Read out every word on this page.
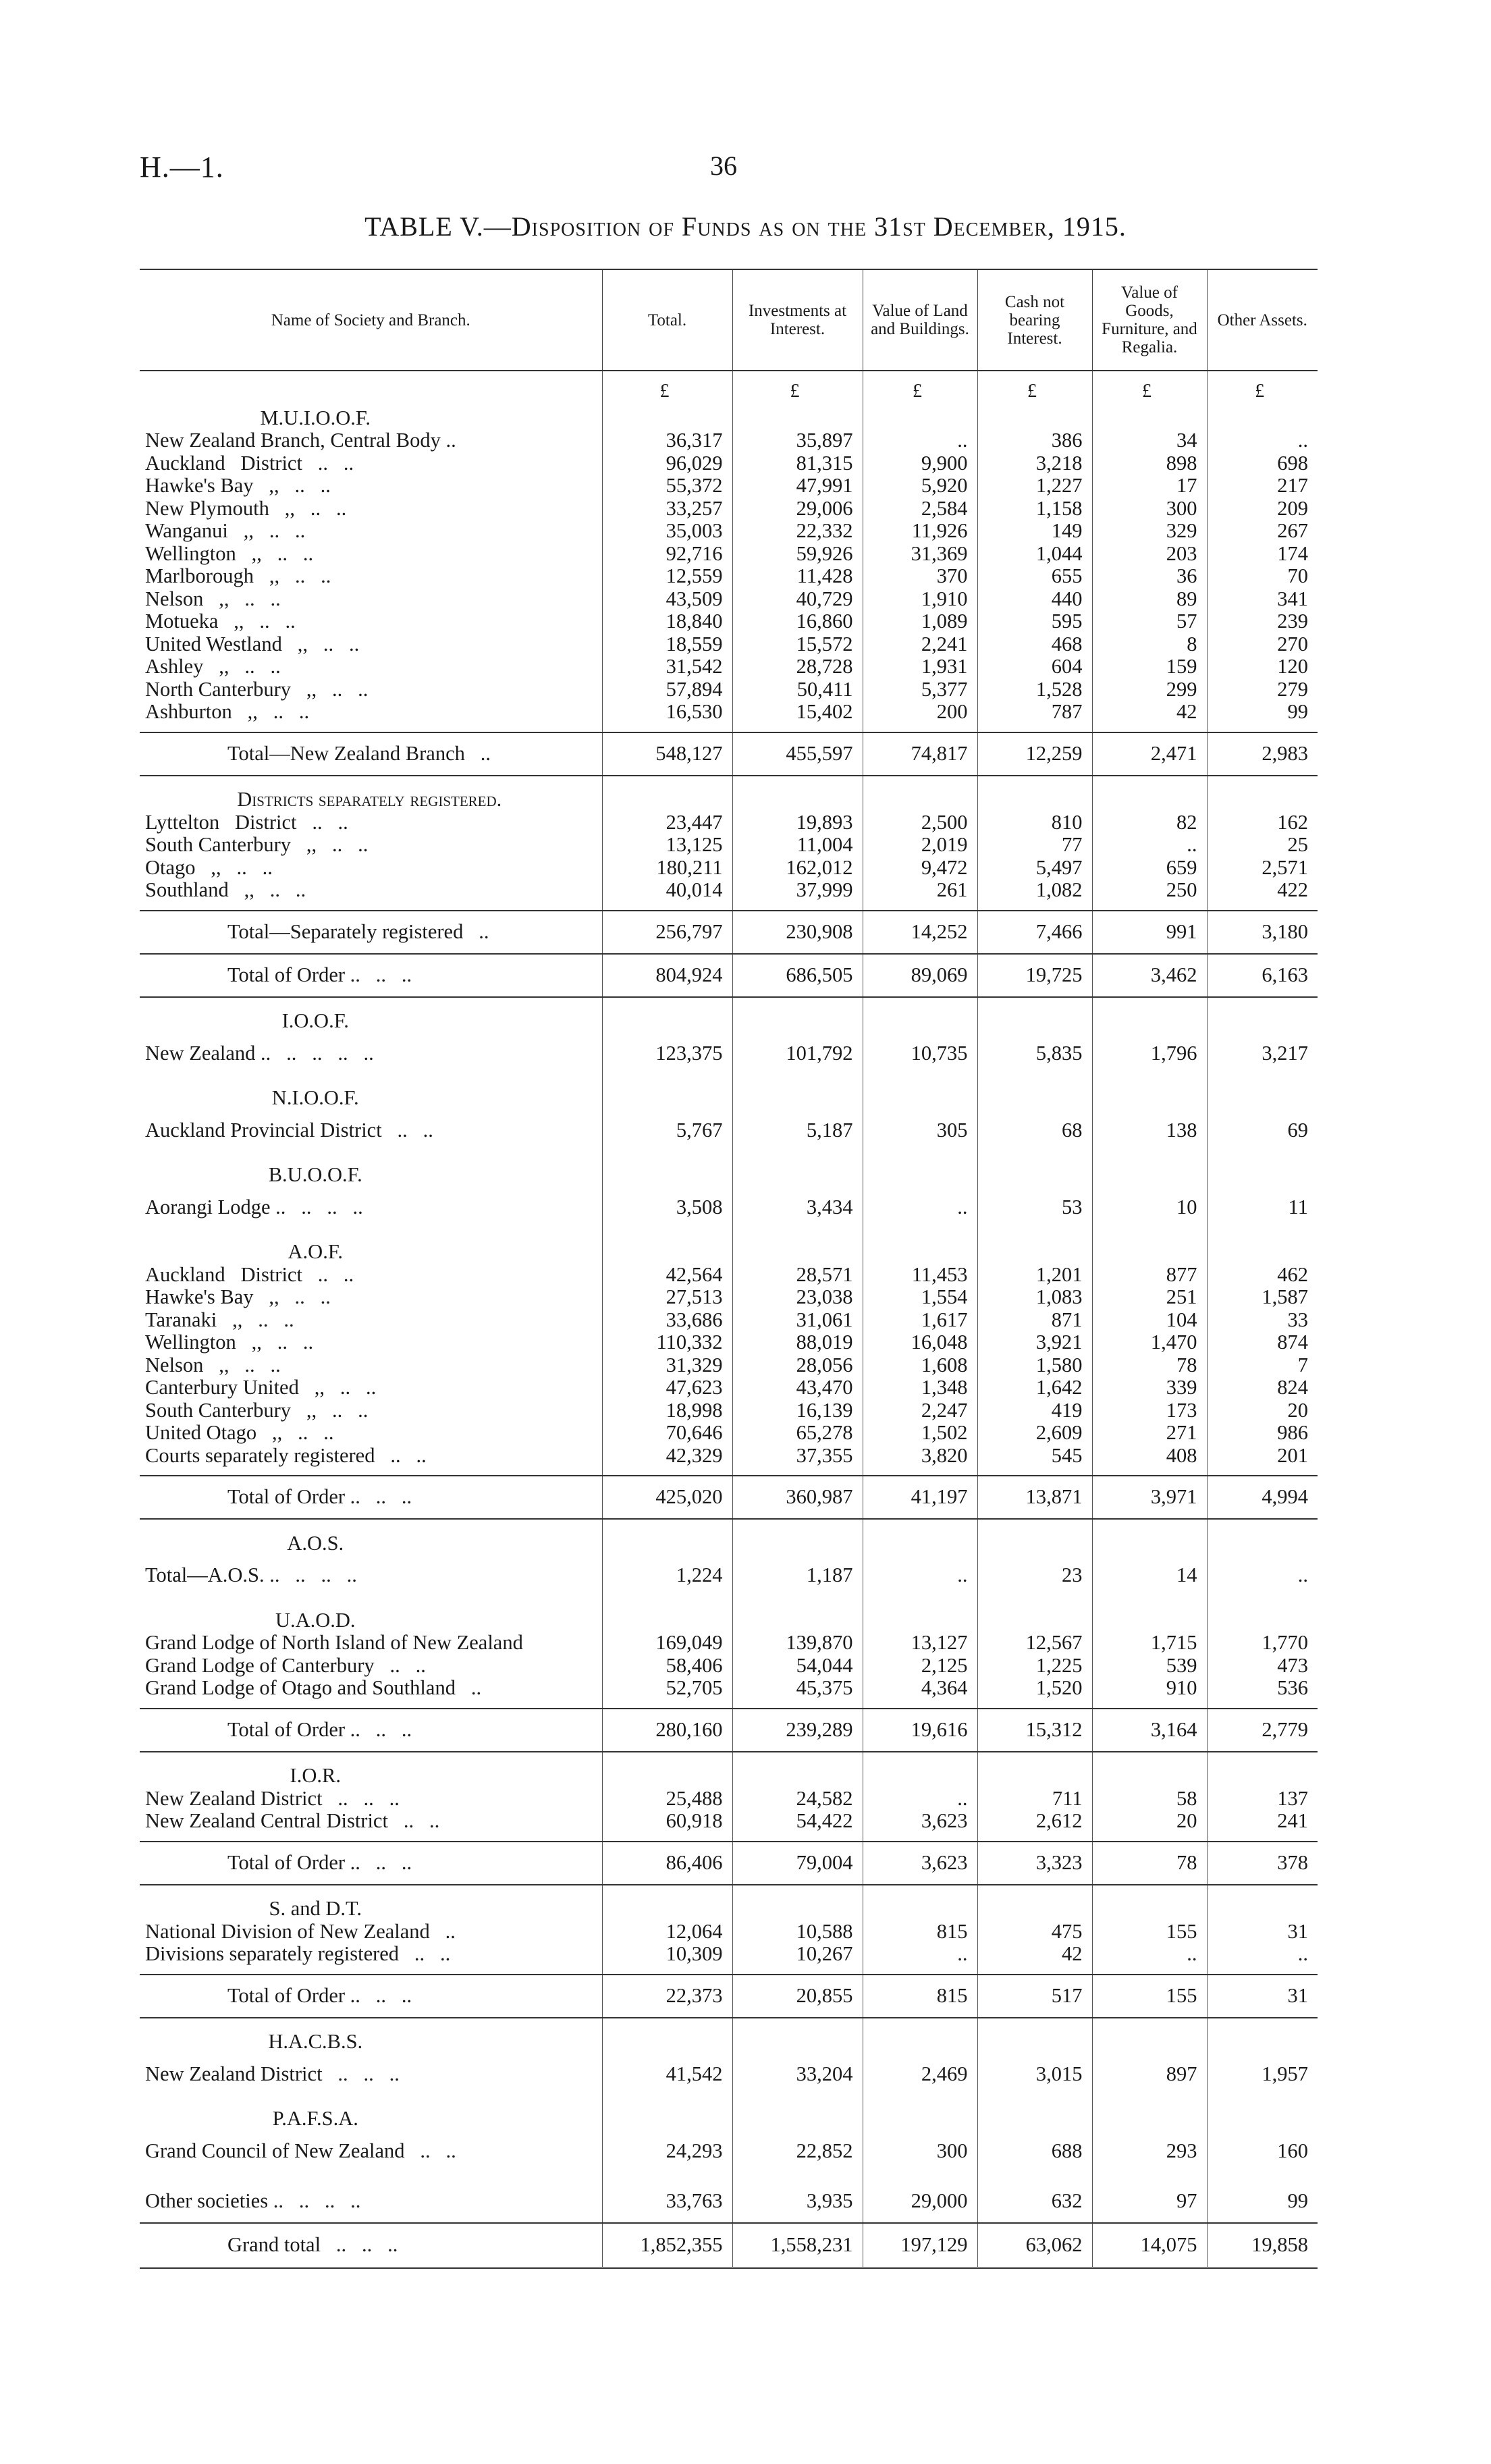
H.—1.	36
TABLE V.—Disposition of Funds as on the 31st December, 1915.
Name of Society and Branch.	Total.	Investments at Interest.	Value of Land and Buildings.	Cash not bearing Interest.	Value of Goods, Furniture, and Regalia.	Other Assets.
	£	£	£	£	£	£
M.U.I.O.O.F.						
New Zealand Branch, Central Body ..	36,317	35,897	..	386	34	..
Auckland   District   ..   ..	96,029	81,315	9,900	3,218	898	698
Hawke's Bay   ,,   ..   ..	55,372	47,991	5,920	1,227	17	217
New Plymouth   ,,   ..   ..	33,257	29,006	2,584	1,158	300	209
Wanganui   ,,   ..   ..	35,003	22,332	11,926	149	329	267
Wellington   ,,   ..   ..	92,716	59,926	31,369	1,044	203	174
Marlborough   ,,   ..   ..	12,559	11,428	370	655	36	70
Nelson   ,,   ..   ..	43,509	40,729	1,910	440	89	341
Motueka   ,,   ..   ..	18,840	16,860	1,089	595	57	239
United Westland   ,,   ..   ..	18,559	15,572	2,241	468	8	270
Ashley   ,,   ..   ..	31,542	28,728	1,931	604	159	120
North Canterbury   ,,   ..   ..	57,894	50,411	5,377	1,528	299	279
Ashburton   ,,   ..   ..	16,530	15,402	200	787	42	99

Total—New Zealand Branch   ..	548,127	455,597	74,817	12,259	2,471	2,983

Districts separately registered.						
Lyttelton   District   ..   ..	23,447	19,893	2,500	810	82	162
South Canterbury   ,,   ..   ..	13,125	11,004	2,019	77	..	25
Otago   ,,   ..   ..	180,211	162,012	9,472	5,497	659	2,571
Southland   ,,   ..   ..	40,014	37,999	261	1,082	250	422

Total—Separately registered   ..	256,797	230,908	14,252	7,466	991	3,180
Total of Order ..   ..   ..	804,924	686,505	89,069	19,725	3,462	6,163

I.O.O.F.						
New Zealand ..   ..   ..   ..   ..	123,375	101,792	10,735	5,835	1,796	3,217

N.I.O.O.F.						
Auckland Provincial District   ..   ..	5,767	5,187	305	68	138	69

B.U.O.O.F.						
Aorangi Lodge ..   ..   ..   ..	3,508	3,434	..	53	10	11

A.O.F.						
Auckland   District   ..   ..	42,564	28,571	11,453	1,201	877	462
Hawke's Bay   ,,   ..   ..	27,513	23,038	1,554	1,083	251	1,587
Taranaki   ,,   ..   ..	33,686	31,061	1,617	871	104	33
Wellington   ,,   ..   ..	110,332	88,019	16,048	3,921	1,470	874
Nelson   ,,   ..   ..	31,329	28,056	1,608	1,580	78	7
Canterbury United   ,,   ..   ..	47,623	43,470	1,348	1,642	339	824
South Canterbury   ,,   ..   ..	18,998	16,139	2,247	419	173	20
United Otago   ,,   ..   ..	70,646	65,278	1,502	2,609	271	986
Courts separately registered   ..   ..	42,329	37,355	3,820	545	408	201

Total of Order ..   ..   ..	425,020	360,987	41,197	13,871	3,971	4,994

A.O.S.						
Total—A.O.S. ..   ..   ..   ..	1,224	1,187	..	23	14	..

U.A.O.D.						
Grand Lodge of North Island of New Zealand	169,049	139,870	13,127	12,567	1,715	1,770
Grand Lodge of Canterbury   ..   ..	58,406	54,044	2,125	1,225	539	473
Grand Lodge of Otago and Southland   ..	52,705	45,375	4,364	1,520	910	536

Total of Order ..   ..   ..	280,160	239,289	19,616	15,312	3,164	2,779

I.O.R.						
New Zealand District   ..   ..   ..	25,488	24,582	..	711	58	137
New Zealand Central District   ..   ..	60,918	54,422	3,623	2,612	20	241

Total of Order ..   ..   ..	86,406	79,004	3,623	3,323	78	378

S. and D.T.						
National Division of New Zealand   ..	12,064	10,588	815	475	155	31
Divisions separately registered   ..   ..	10,309	10,267	..	42	..	..

Total of Order ..   ..   ..	22,373	20,855	815	517	155	31

H.A.C.B.S.						
New Zealand District   ..   ..   ..	41,542	33,204	2,469	3,015	897	1,957

P.A.F.S.A.						
Grand Council of New Zealand   ..   ..	24,293	22,852	300	688	293	160

Other societies ..   ..   ..   ..	33,763	3,935	29,000	632	97	99
Grand total   ..   ..   ..	1,852,355	1,558,231	197,129	63,062	14,075	19,858
